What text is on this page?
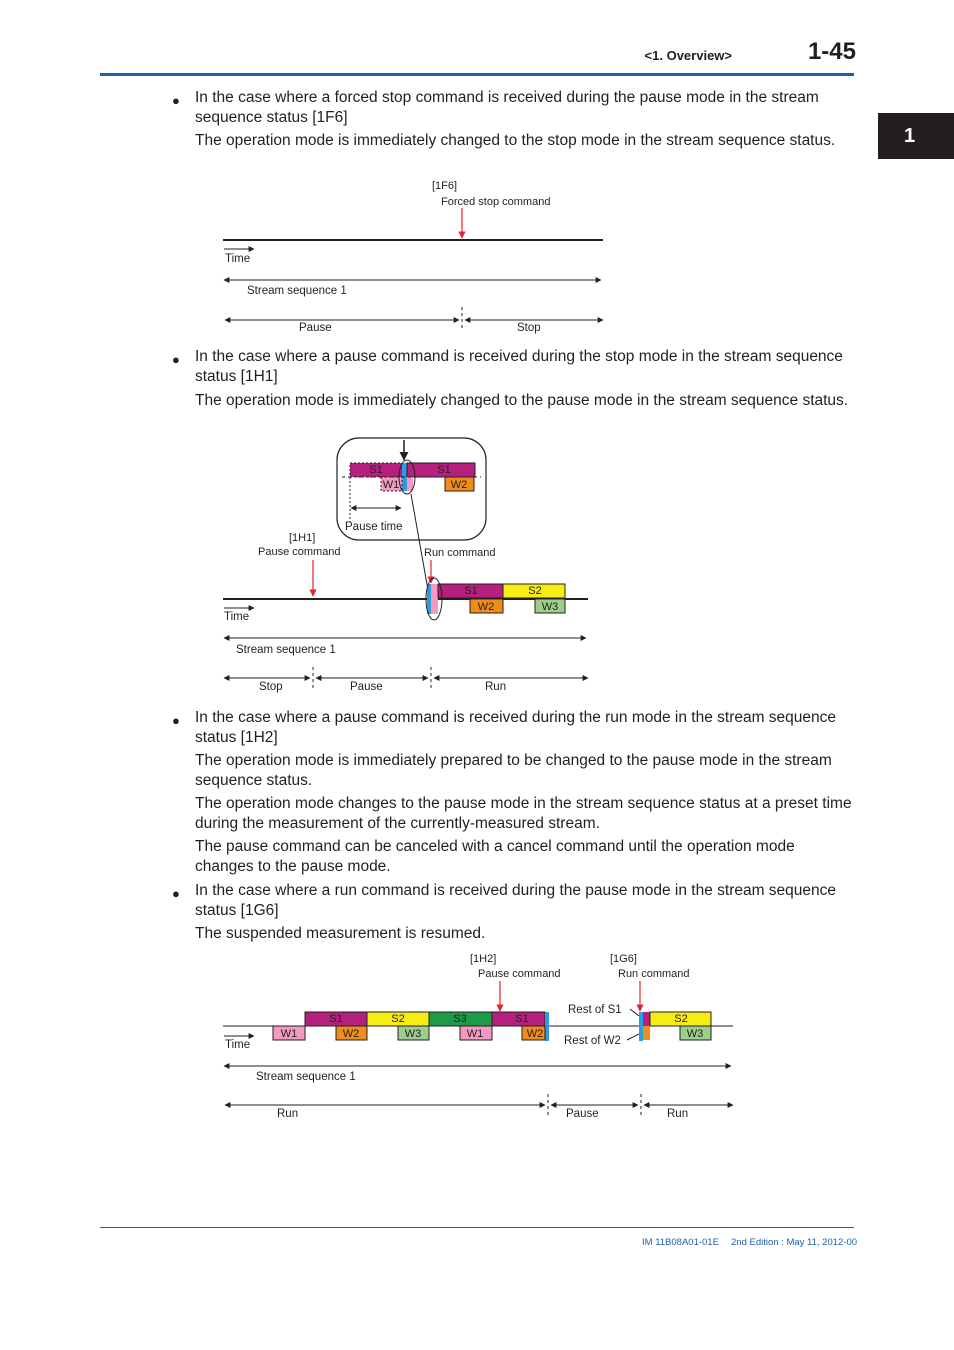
<1. Overview>	1-45
1
● In the case where a forced stop command is received during the pause mode in the stream sequence status [1F6]
The operation mode is immediately changed to the stop mode in the stream sequence status.
[1F6]
Forced stop command
Time
Stream sequence 1
Pause	Stop
● In the case where a pause command is received during the stop mode in the stream sequence status [1H1]
The operation mode is immediately changed to the pause mode in the stream sequence status.
S1	S1
W1	W2
Pause time
[1H1]
Pause command	Run command
S1	S2
W2	W3
Time
Stream sequence 1
Stop	Pause	Run
● In the case where a pause command is received during the run mode in the stream sequence status [1H2]
The operation mode is immediately prepared to be changed to the pause mode in the stream sequence status.
The operation mode changes to the pause mode in the stream sequence status at a preset time during the measurement of the currently-measured stream.
The pause command can be canceled with a cancel command until the operation mode changes to the pause mode.
● In the case where a run command is received during the pause mode in the stream sequence status [1G6]
The suspended measurement is resumed.
[1H2]
Pause command
[1G6]
Run command
Rest of S1
Rest of W2
S1	S2	S3	S1	S2
W1	W2	W3	W1	W2	W3
Time
Stream sequence 1
Run	Pause	Run
IM 11B08A01-01E 2nd Edition : May 11, 2012-00
